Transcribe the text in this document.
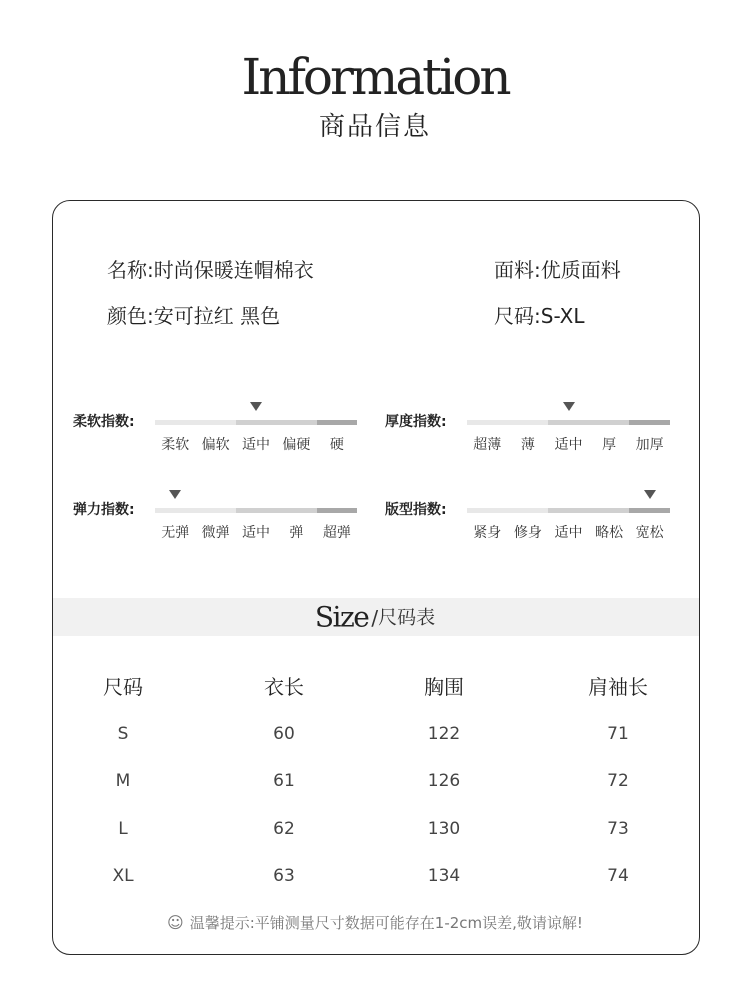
Information
商品信息
名称:时尚保暖连帽棉衣	面料:优质面料
颜色:安可拉红 黑色	尺码:S-XL
Size /尺码表
尺码	衣长	胸围	肩袖长
S	60	122	71
M	61	126	72
L	62	130	73
XL	63	134	74
☺ 温馨提示:平铺测量尺寸数据可能存在1-2cm误差,敬请谅解!
柔软指数:
柔软 偏软 适中 偏硬	硬
厚度指数:
超薄	薄	适中	厚	加厚
弹力指数:
无弹 微弹 适中	弹	超弹
版型指数:
紧身 修身 适中 略松 宽松
